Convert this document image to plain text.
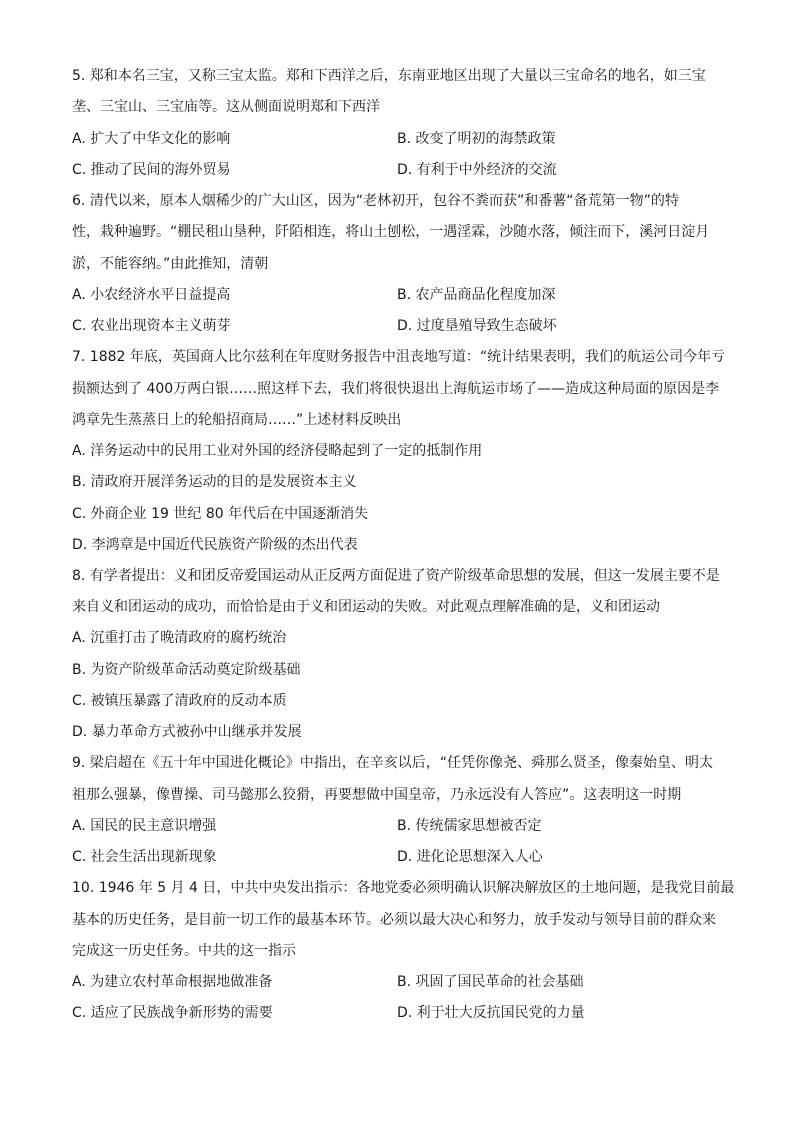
5. 郑和本名三宝，又称三宝太监。郑和下西洋之后，东南亚地区出现了大量以三宝命名的地名，如三宝
垄、三宝山、三宝庙等。这从侧面说明郑和下西洋
A. 扩大了中华文化的影响	B. 改变了明初的海禁政策
C. 推动了民间的海外贸易	D. 有利于中外经济的交流
6. 清代以来，原本人烟稀少的广大山区，因为“老林初开，包谷不粪而获”和番薯“备荒第一物”的特
性，栽种遍野。“棚民租山垦种，阡陌相连，将山土刨松，一遇淫霖，沙随水落，倾注而下，溪河日淀月
淤，不能容纳。”由此推知，清朝
A. 小农经济水平日益提高	B. 农产品商品化程度加深
C. 农业出现资本主义萌芽	D. 过度垦殖导致生态破坏
7. 1882 年底，英国商人比尔兹利在年度财务报告中沮丧地写道：“统计结果表明，我们的航运公司今年亏
损额达到了 400万两白银……照这样下去，我们将很快退出上海航运市场了——造成这种局面的原因是李
鸿章先生蒸蒸日上的轮船招商局……”上述材料反映出
A. 洋务运动中的民用工业对外国的经济侵略起到了一定的抵制作用
B. 清政府开展洋务运动的目的是发展资本主义
C. 外商企业 19 世纪 80 年代后在中国逐渐消失
D. 李鸿章是中国近代民族资产阶级的杰出代表
8. 有学者提出：义和团反帝爱国运动从正反两方面促进了资产阶级革命思想的发展，但这一发展主要不是
来自义和团运动的成功，而恰恰是由于义和团运动的失败。对此观点理解准确的是，义和团运动
A. 沉重打击了晚清政府的腐朽统治
B. 为资产阶级革命活动奠定阶级基础
C. 被镇压暴露了清政府的反动本质
D. 暴力革命方式被孙中山继承并发展
9. 梁启超在《五十年中国进化概论》中指出，在辛亥以后，“任凭你像尧、舜那么贤圣，像秦始皇、明太
祖那么强暴，像曹操、司马懿那么狡猾，再要想做中国皇帝，乃永远没有人答应”。这表明这一时期
A. 国民的民主意识增强	B. 传统儒家思想被否定
C. 社会生活出现新现象	D. 进化论思想深入人心
10. 1946 年 5 月 4 日，中共中央发出指示：各地党委必须明确认识解决解放区的土地问题，是我党目前最
基本的历史任务，是目前一切工作的最基本环节。必须以最大决心和努力，放手发动与领导目前的群众来
完成这一历史任务。中共的这一指示
A. 为建立农村革命根据地做准备	B. 巩固了国民革命的社会基础
C. 适应了民族战争新形势的需要	D. 利于壮大反抗国民党的力量
